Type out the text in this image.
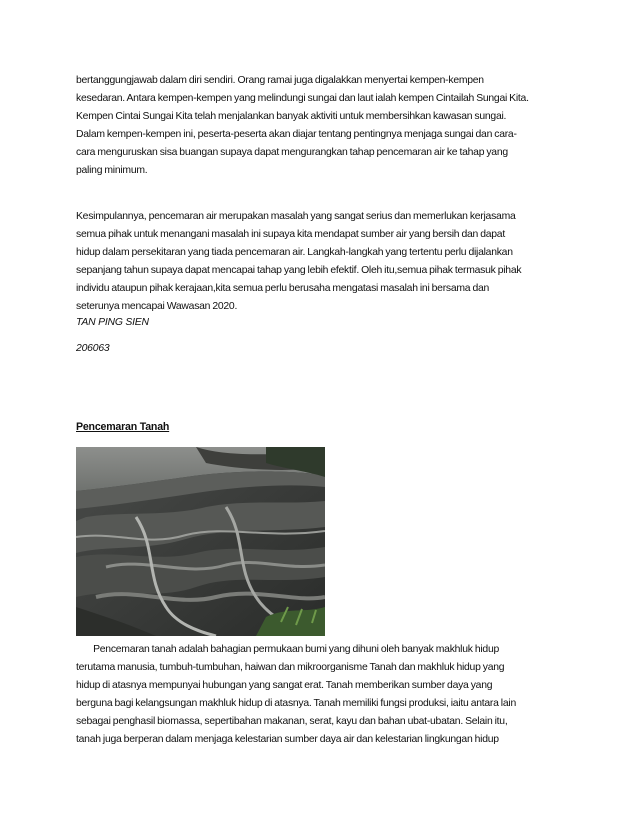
bertanggungjawab dalam diri sendiri. Orang ramai juga digalakkan menyertai kempen-kempen
kesedaran. Antara kempen-kempen yang melindungi sungai dan laut ialah kempen Cintailah Sungai Kita.
Kempen Cintai Sungai Kita telah menjalankan banyak aktiviti untuk membersihkan kawasan sungai.
Dalam kempen-kempen ini, peserta-peserta akan diajar tentang pentingnya menjaga sungai dan cara-
cara menguruskan sisa buangan supaya dapat mengurangkan tahap pencemaran air ke tahap yang
paling minimum.
Kesimpulannya, pencemaran air merupakan masalah yang sangat serius dan memerlukan kerjasama
semua pihak untuk menangani masalah ini supaya kita mendapat sumber air yang bersih dan dapat
hidup dalam persekitaran yang tiada pencemaran air. Langkah-langkah yang tertentu perlu dijalankan
sepanjang tahun supaya dapat mencapai tahap yang lebih efektif. Oleh itu,semua pihak termasuk pihak
individu ataupun pihak kerajaan,kita semua perlu berusaha mengatasi masalah ini bersama dan
seterunya mencapai Wawasan 2020.
TAN PING SIEN
206063
Pencemaran Tanah
Pencemaran tanah adalah bahagian permukaan bumi yang dihuni oleh banyak makhluk hidup
terutama manusia, tumbuh-tumbuhan, haiwan dan mikroorganisme Tanah dan makhluk hidup yang
hidup di atasnya mempunyai hubungan yang sangat erat. Tanah memberikan sumber daya yang
berguna bagi kelangsungan makhluk hidup di atasnya. Tanah memiliki fungsi produksi, iaitu antara lain
sebagai penghasil biomassa, sepertibahan makanan, serat, kayu dan bahan ubat-ubatan. Selain itu,
tanah juga berperan dalam menjaga kelestarian sumber daya air dan kelestarian lingkungan hidup
